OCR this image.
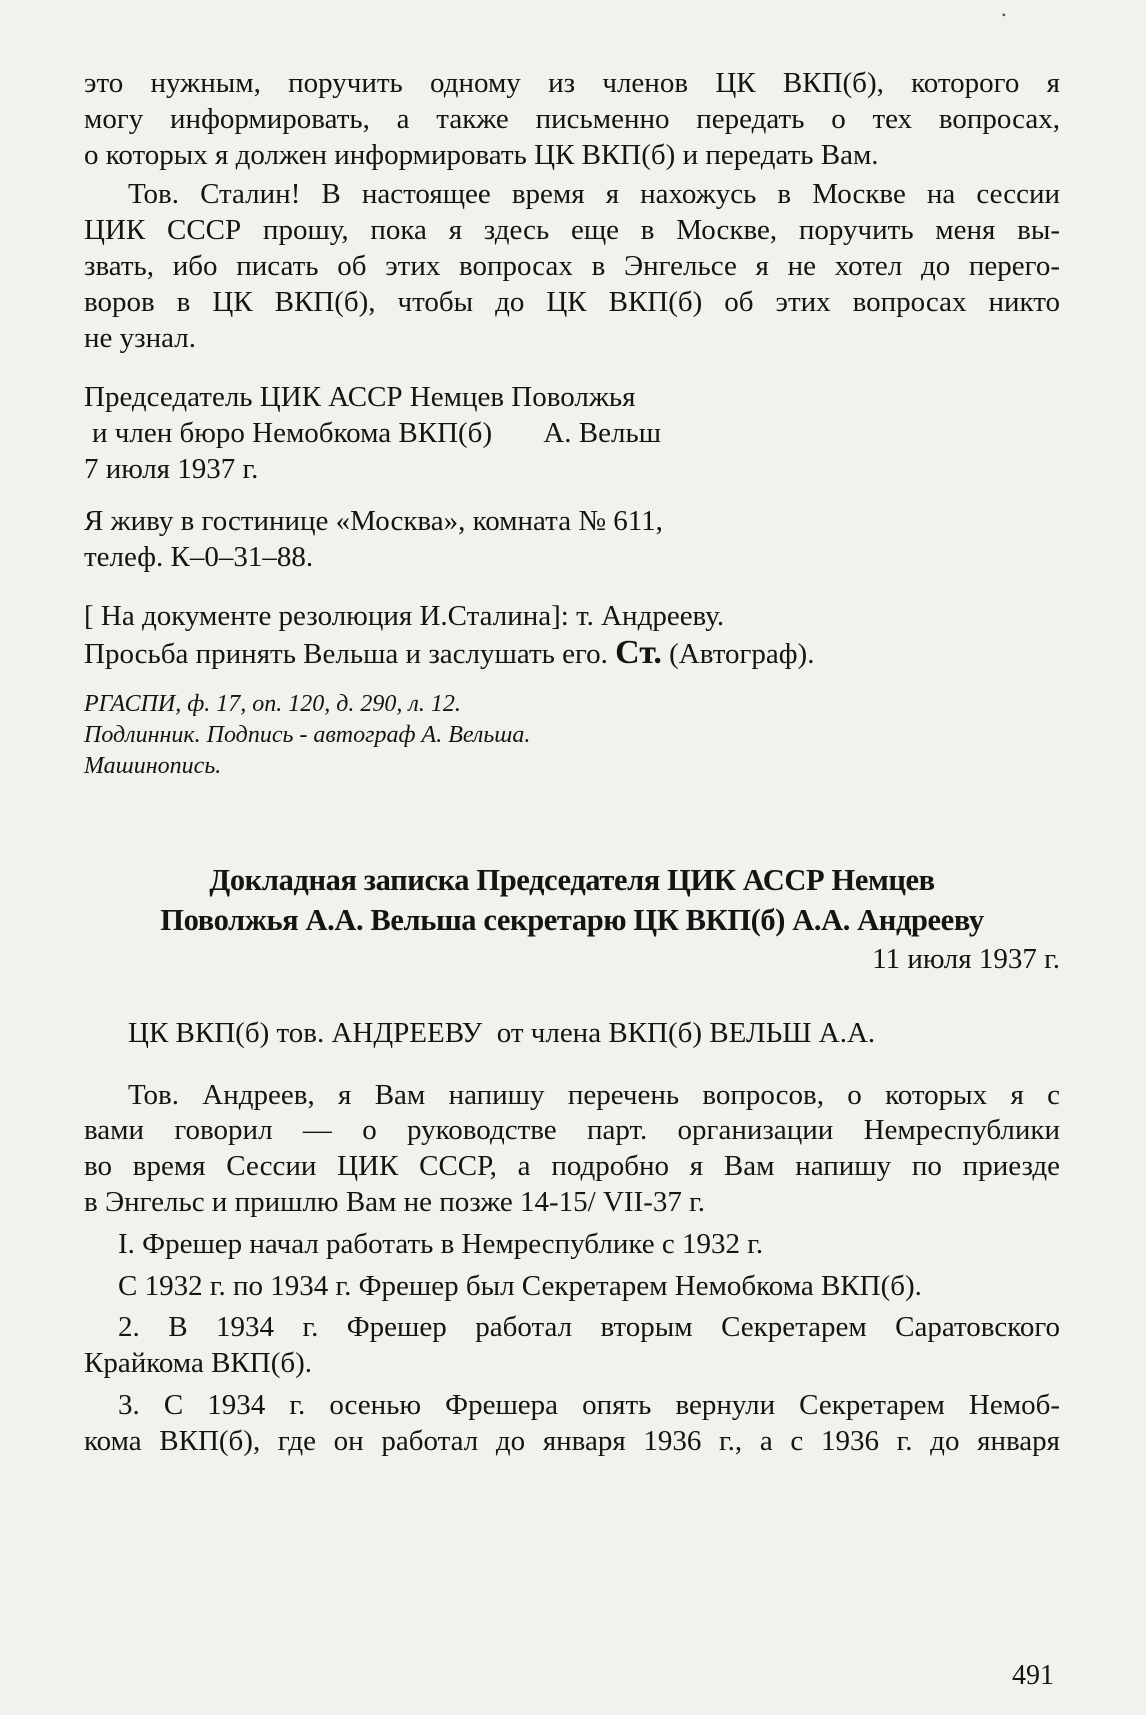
•
это нужным, поручить одному из членов ЦК ВКП(б), которого я
могу информировать, а также письменно передать о тех вопросах,
о которых я должен информировать ЦК ВКП(б) и передать Вам.
Тов. Сталин! В настоящее время я нахожусь в Москве на сессии
ЦИК СССР прошу, пока я здесь еще в Москве, поручить меня вы-
звать, ибо писать об этих вопросах в Энгельсе я не хотел до перего-
воров в ЦК ВКП(б), чтобы до ЦК ВКП(б) об этих вопросах никто
не узнал.
Председатель ЦИК АССР Немцев Поволжья
и член бюро Немобкома ВКП(б) А. Вельш
7 июля 1937 г.
Я живу в гостинице «Москва», комната № 611,
телеф. К–0–31–88.
[ На документе резолюция И.Сталина]: т. Андрееву.
Просьба принять Вельша и заслушать его. Ст. (Автограф).
РГАСПИ, ф. 17, оп. 120, д. 290, л. 12.
Подлинник. Подпись - автограф А. Вельша.
Машинопись.
Докладная записка Председателя ЦИК АССР Немцев
Поволжья А.А. Вельша секретарю ЦК ВКП(б) А.А. Андрееву
11 июля 1937 г.
ЦК ВКП(б) тов. АНДРЕЕВУ  от члена ВКП(б) ВЕЛЬШ А.А.
Тов. Андреев, я Вам напишу перечень вопросов, о которых я с
вами говорил — о руководстве парт. организации Немреспублики
во время Сессии ЦИК СССР, а подробно я Вам напишу по приезде
в Энгельс и пришлю Вам не позже 14-15/ VII-37 г.
I. Фрешер начал работать в Немреспублике с 1932 г.
С 1932 г. по 1934 г. Фрешер был Секретарем Немобкома ВКП(б).
2. В 1934 г. Фрешер работал вторым Секретарем Саратовского
Крайкома ВКП(б).
3. С 1934 г. осенью Фрешера опять вернули Секретарем Немоб-
кома ВКП(б), где он работал до января 1936 г., а с 1936 г. до января
491
